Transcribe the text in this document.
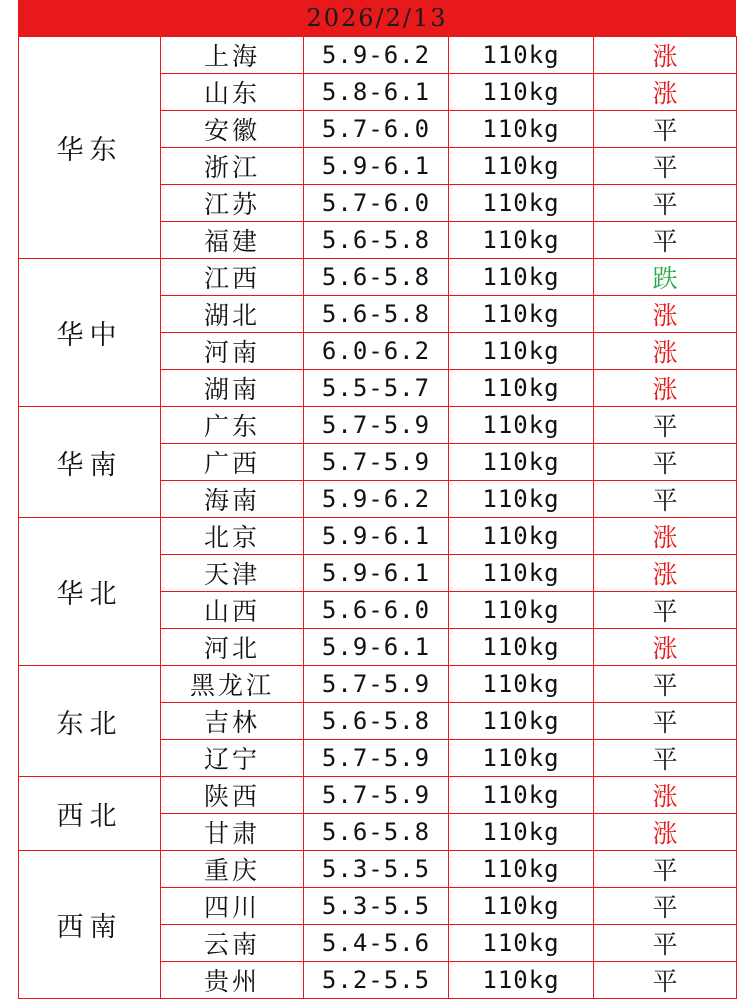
2026/2/13
华东	上海	5.9-6.2	110kg	涨
	山东	5.8-6.1	110kg	涨
	安徽	5.7-6.0	110kg	平
	浙江	5.9-6.1	110kg	平
	江苏	5.7-6.0	110kg	平
	福建	5.6-5.8	110kg	平
华中	江西	5.6-5.8	110kg	跌
	湖北	5.6-5.8	110kg	涨
	河南	6.0-6.2	110kg	涨
	湖南	5.5-5.7	110kg	涨
华南	广东	5.7-5.9	110kg	平
	广西	5.7-5.9	110kg	平
	海南	5.9-6.2	110kg	平
华北	北京	5.9-6.1	110kg	涨
	天津	5.9-6.1	110kg	涨
	山西	5.6-6.0	110kg	平
	河北	5.9-6.1	110kg	涨
东北	黑龙江	5.7-5.9	110kg	平
	吉林	5.6-5.8	110kg	平
	辽宁	5.7-5.9	110kg	平
西北	陕西	5.7-5.9	110kg	涨
	甘肃	5.6-5.8	110kg	涨
西南	重庆	5.3-5.5	110kg	平
	四川	5.3-5.5	110kg	平
	云南	5.4-5.6	110kg	平
	贵州	5.2-5.5	110kg	平
